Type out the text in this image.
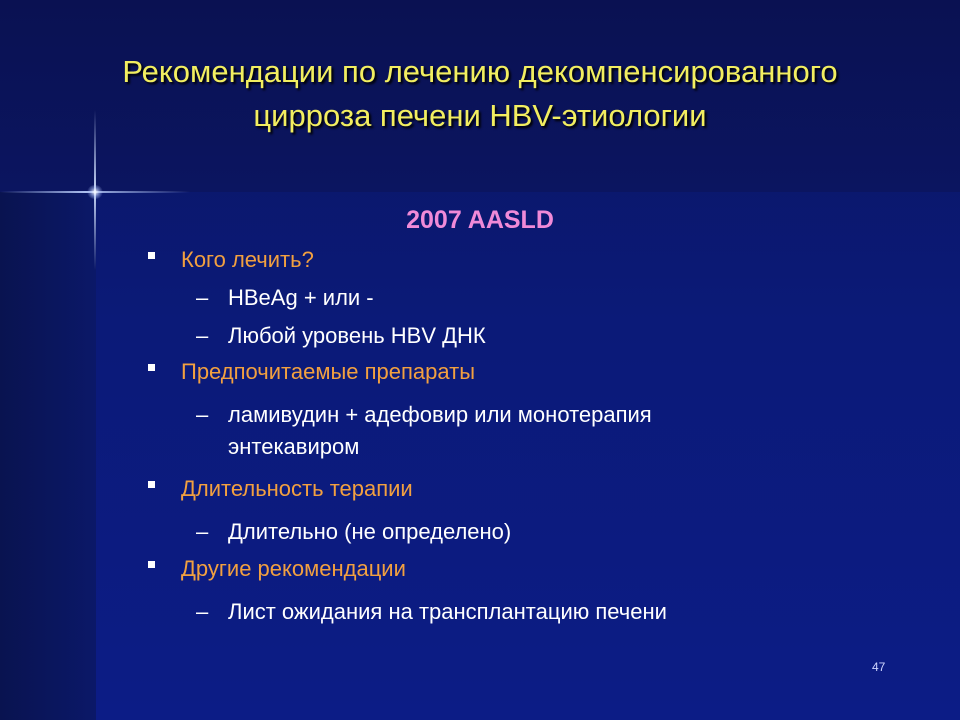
Рекомендации по лечению декомпенсированного
цирроза печени HBV-этиологии
2007 AASLD
Кого лечить?
– HBeAg + или -
– Любой уровень HBV ДНК
Предпочитаемые препараты
– ламивудин + адефовир или монотерапия
энтекавиром
Длительность терапии
– Длительно (не определено)
Другие рекомендации
– Лист ожидания на трансплантацию печени
47
